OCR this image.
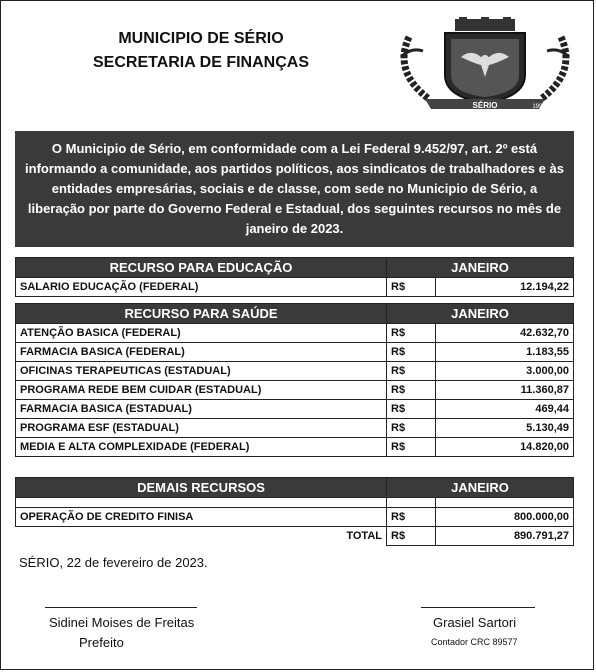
MUNICIPIO DE SÉRIO
SECRETARIA DE FINANÇAS
SÉRIO	1992
O Municipio de Sério, em conformidade com a Lei Federal 9.452/97, art. 2º está informando a comunidade, aos partidos políticos, aos sindicatos de trabalhadores e às entidades empresárias, sociais e de classe, com sede no Municipio de Sério, a liberação por parte do Governo Federal e Estadual, dos seguintes recursos no mês de janeiro de 2023.
RECURSO PARA EDUCAÇÃO	JANEIRO	
SALARIO EDUCAÇÃO (FEDERAL)	R$	12.194,22
RECURSO PARA SAÚDE	JANEIRO	
ATENÇÃO BASICA (FEDERAL)	R$	42.632,70
FARMACIA BASICA (FEDERAL)	R$	1.183,55
OFICINAS TERAPEUTICAS (ESTADUAL)	R$	3.000,00
PROGRAMA REDE BEM CUIDAR (ESTADUAL)	R$	11.360,87
FARMACIA BASICA (ESTADUAL)	R$	469,44
PROGRAMA ESF (ESTADUAL)	R$	5.130,49
MEDIA E ALTA COMPLEXIDADE (FEDERAL)	R$	14.820,00
DEMAIS RECURSOS	JANEIRO	

OPERAÇÃO DE CREDITO FINISA	R$	800.000,00
TOTAL	R$	890.791,27
SÉRIO, 22 de fevereiro de 2023.
Sidinei Moises de Freitas
Prefeito
Grasiel Sartori
Contador CRC 89577
